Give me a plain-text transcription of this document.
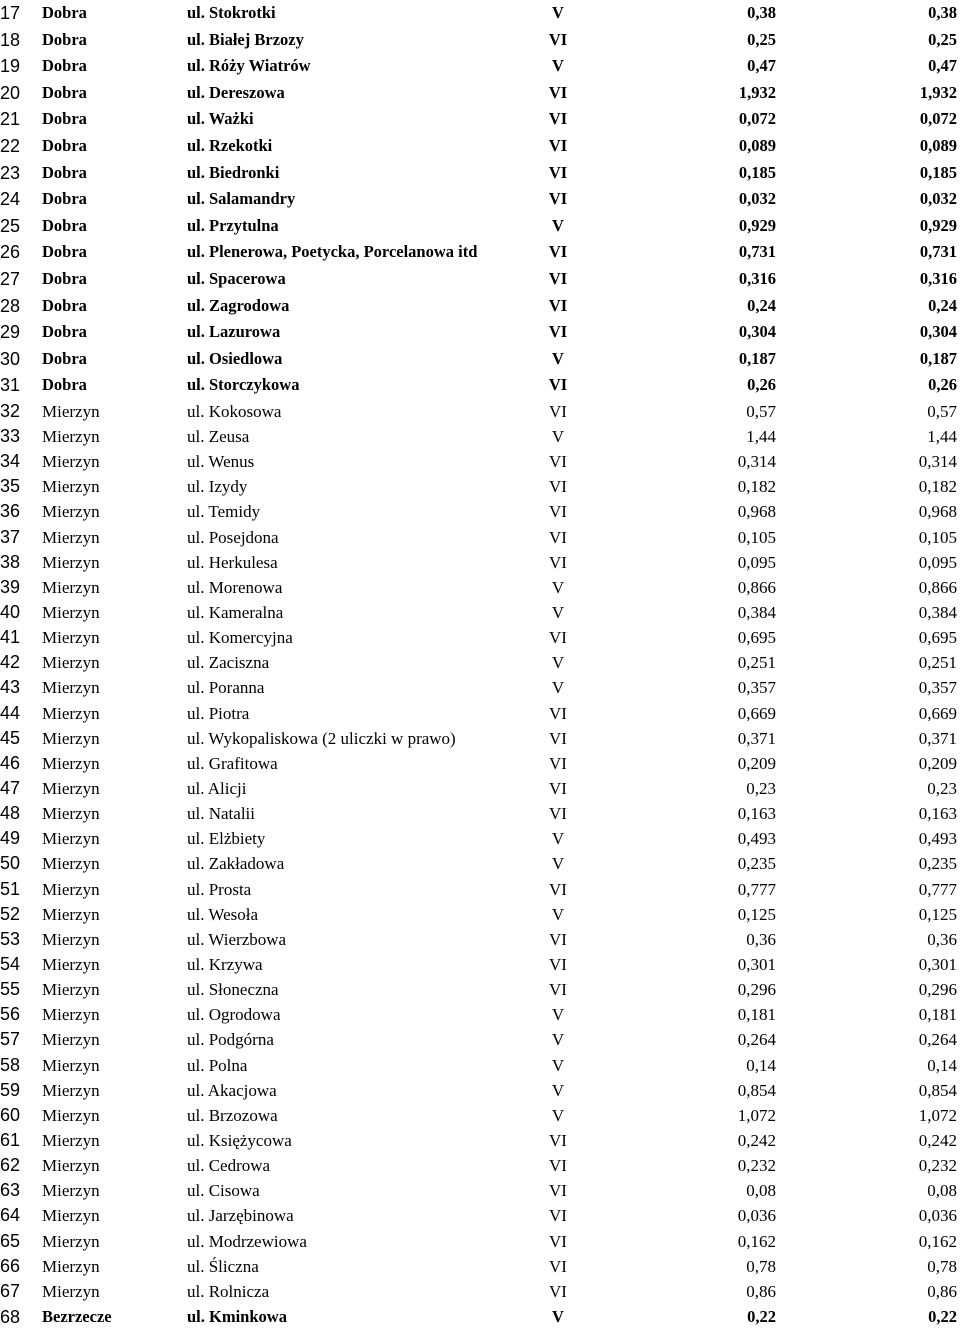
17 Dobra	ul. Stokrotki	V	0,38	0,38
18 Dobra	ul. Białej Brzozy	VI	0,25	0,25
19 Dobra	ul. Róży Wiatrów	V	0,47	0,47
20 Dobra	ul. Dereszowa	VI	1,932	1,932
21 Dobra	ul. Ważki	VI	0,072	0,072
22 Dobra	ul. Rzekotki	VI	0,089	0,089
23 Dobra	ul. Biedronki	VI	0,185	0,185
24 Dobra	ul. Salamandry	VI	0,032	0,032
25 Dobra	ul. Przytulna	V	0,929	0,929
26 Dobra	ul. Plenerowa, Poetycka, Porcelanowa itd	VI	0,731	0,731
27 Dobra	ul. Spacerowa	VI	0,316	0,316
28 Dobra	ul. Zagrodowa	VI	0,24	0,24
29 Dobra	ul. Lazurowa	VI	0,304	0,304
30 Dobra	ul. Osiedlowa	V	0,187	0,187
31 Dobra	ul. Storczykowa	VI	0,26	0,26
32 Mierzyn	ul. Kokosowa	VI	0,57	0,57
33 Mierzyn	ul. Zeusa	V	1,44	1,44
34 Mierzyn	ul. Wenus	VI	0,314	0,314
35 Mierzyn	ul. Izydy	VI	0,182	0,182
36 Mierzyn	ul. Temidy	VI	0,968	0,968
37 Mierzyn	ul. Posejdona	VI	0,105	0,105
38 Mierzyn	ul. Herkulesa	VI	0,095	0,095
39 Mierzyn	ul. Morenowa	V	0,866	0,866
40 Mierzyn	ul. Kameralna	V	0,384	0,384
41 Mierzyn	ul. Komercyjna	VI	0,695	0,695
42 Mierzyn	ul. Zaciszna	V	0,251	0,251
43 Mierzyn	ul. Poranna	V	0,357	0,357
44 Mierzyn	ul. Piotra	VI	0,669	0,669
45 Mierzyn	ul. Wykopaliskowa (2 uliczki w prawo)	VI	0,371	0,371
46 Mierzyn	ul. Grafitowa	VI	0,209	0,209
47 Mierzyn	ul. Alicji	VI	0,23	0,23
48 Mierzyn	ul. Natalii	VI	0,163	0,163
49 Mierzyn	ul. Elżbiety	V	0,493	0,493
50 Mierzyn	ul. Zakładowa	V	0,235	0,235
51 Mierzyn	ul. Prosta	VI	0,777	0,777
52 Mierzyn	ul. Wesoła	V	0,125	0,125
53 Mierzyn	ul. Wierzbowa	VI	0,36	0,36
54 Mierzyn	ul. Krzywa	VI	0,301	0,301
55 Mierzyn	ul. Słoneczna	VI	0,296	0,296
56 Mierzyn	ul. Ogrodowa	V	0,181	0,181
57 Mierzyn	ul. Podgórna	V	0,264	0,264
58 Mierzyn	ul. Polna	V	0,14	0,14
59 Mierzyn	ul. Akacjowa	V	0,854	0,854
60 Mierzyn	ul. Brzozowa	V	1,072	1,072
61 Mierzyn	ul. Księżycowa	VI	0,242	0,242
62 Mierzyn	ul. Cedrowa	VI	0,232	0,232
63 Mierzyn	ul. Cisowa	VI	0,08	0,08
64 Mierzyn	ul. Jarzębinowa	VI	0,036	0,036
65 Mierzyn	ul. Modrzewiowa	VI	0,162	0,162
66 Mierzyn	ul. Śliczna	VI	0,78	0,78
67 Mierzyn	ul. Rolnicza	VI	0,86	0,86
68 Bezrzecze	ul. Kminkowa	V	0,22	0,22
